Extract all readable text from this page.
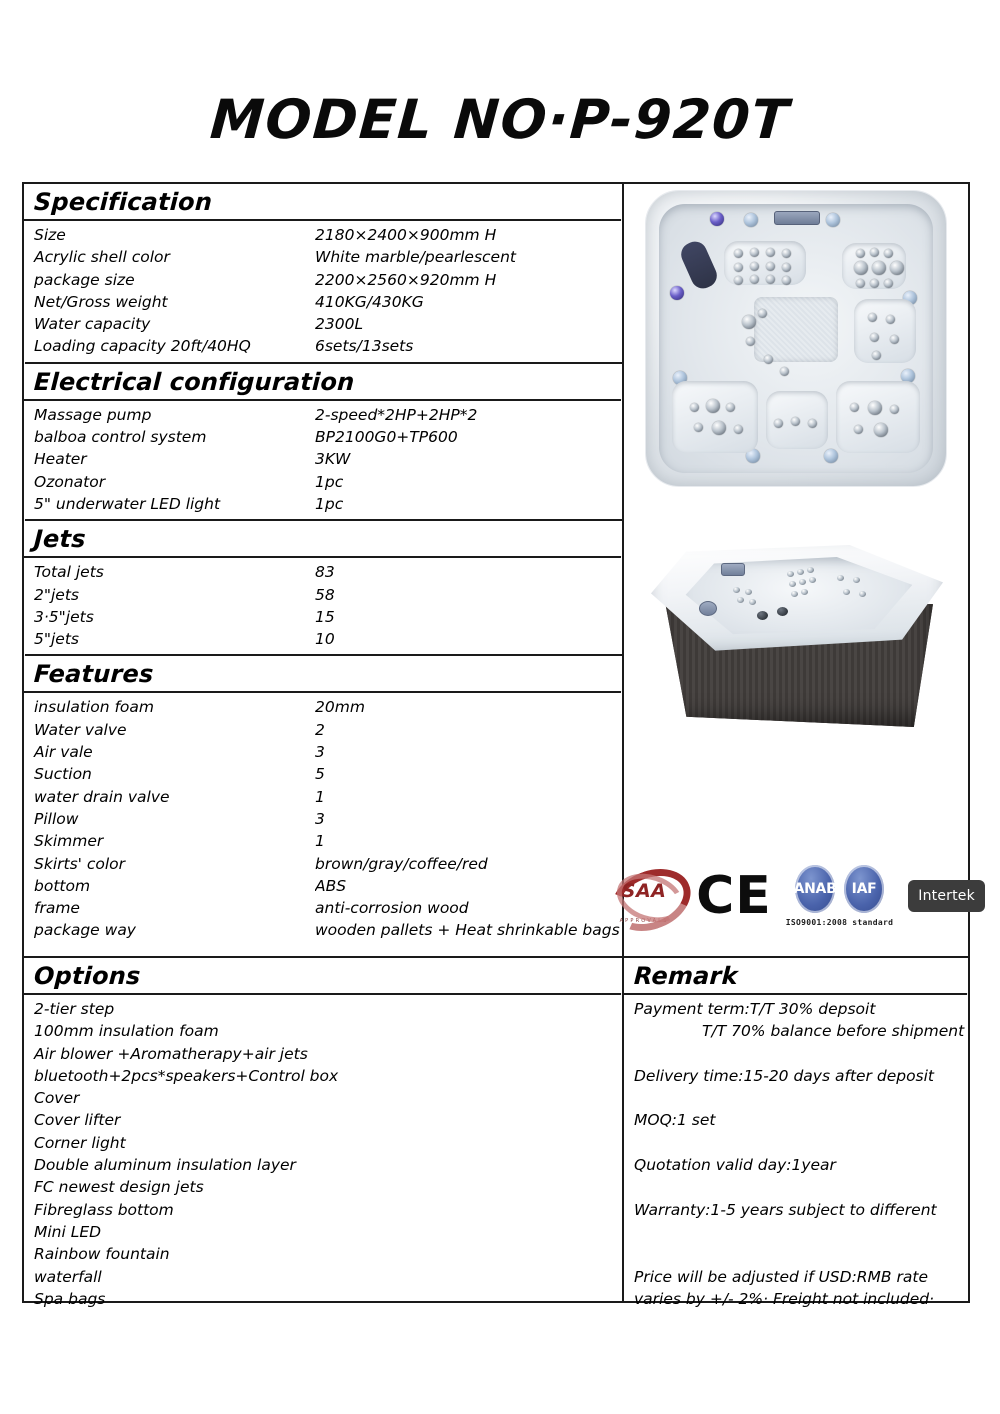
MODEL NO·P-920T
Specification
Size	2180×2400×900mm H
Acrylic shell color	White marble/pearlescent
package size	2200×2560×920mm H
Net/Gross weight	410KG/430KG
Water capacity	2300L
Loading capacity 20ft/40HQ	6sets/13sets
Electrical configuration
Massage pump	2-speed*2HP+2HP*2
balboa control system	BP2100G0+TP600
Heater	3KW
Ozonator	1pc
5" underwater LED light	1pc
Jets
Total jets	83
2"jets	58
3·5"jets	15
5"jets	10
Features
insulation foam	20mm
Water valve	2
Air vale	3
Suction	5
water drain valve	1
Pillow	3
Skimmer	1
Skirts' color	brown/gray/coffee/red
bottom	ABS
frame	anti-corrosion wood
package way	wooden pallets + Heat shrinkable bags
SAA
APPROVALS C E ANAB	IAF
ISO9001:2008 standard
Intertek
Options
2-tier step
100mm insulation foam
Air blower +Aromatherapy+air jets
bluetooth+2pcs*speakers+Control box
Cover
Cover lifter
Corner light
Double aluminum insulation layer
FC newest design jets
Fibreglass bottom
Mini LED
Rainbow fountain
waterfall
Spa bags
Remark
Payment term:T/T 30% depsoit
T/T 70% balance before shipment
Delivery time:15-20 days after deposit
MOQ:1 set
Quotation valid day:1year
Warranty:1-5 years subject to different
Price will be adjusted if USD:RMB rate
varies by +/- 2%· Freight not included·
